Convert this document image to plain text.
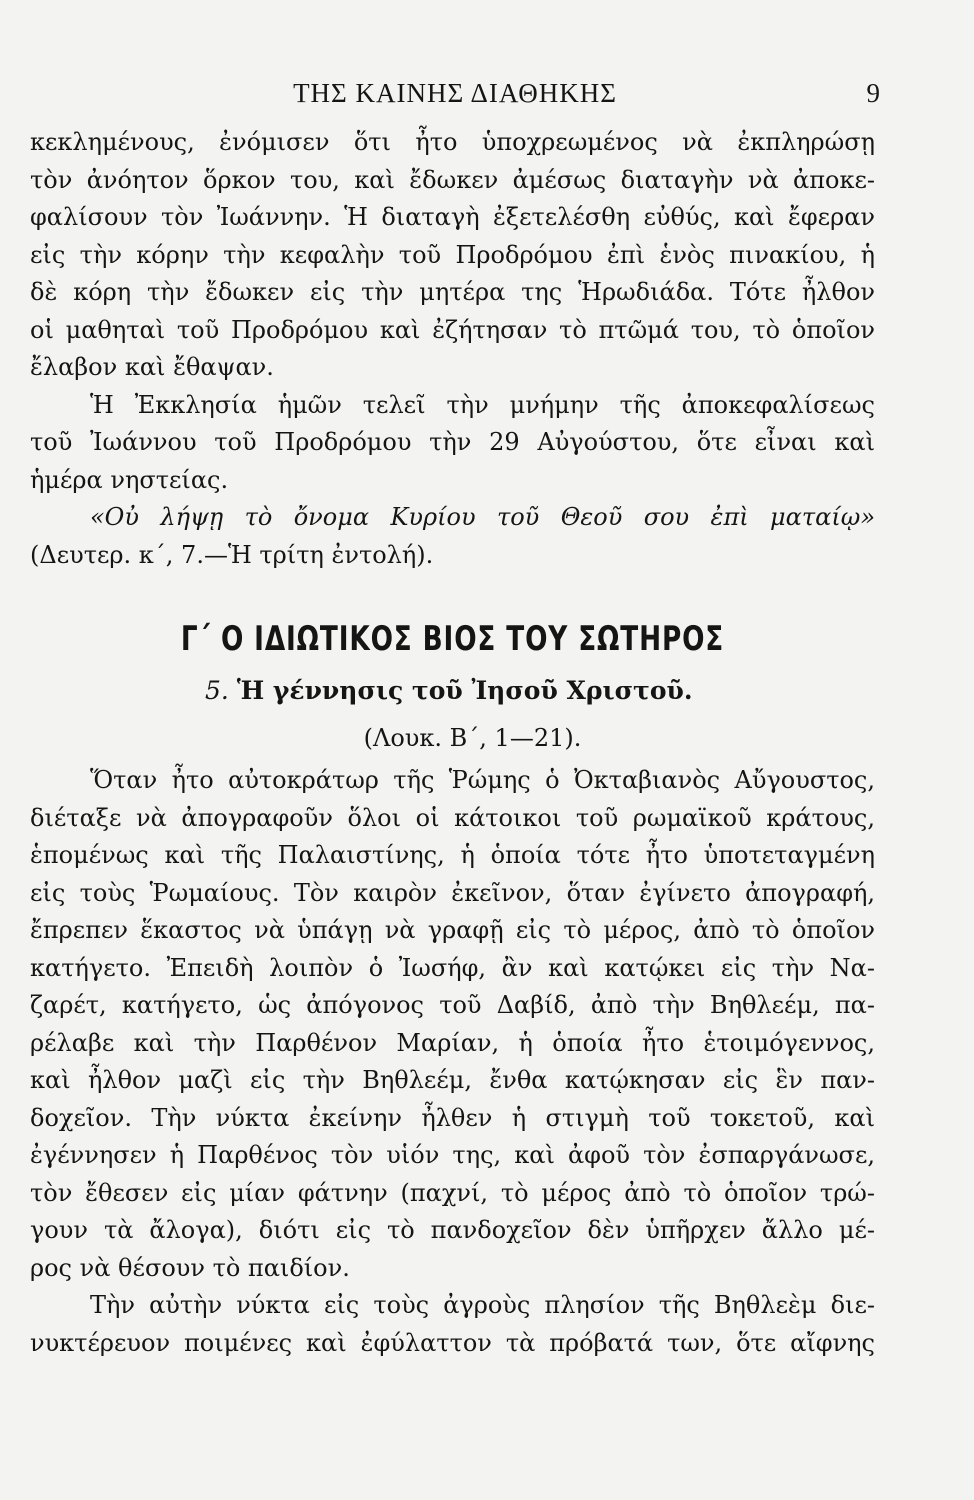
ΤΗΣ ΚΑΙΝΗΣ ΔΙΑΘΗΚΗΣ	9
κεκλημένους, ἐνόμισεν ὅτι ἦτο ὑποχρεωμένος νὰ ἐκπληρώσῃ
τὸν ἀνόητον ὅρκον του, καὶ ἔδωκεν ἀμέσως διαταγὴν νὰ ἀποκε-
φαλίσουν τὸν Ἰωάννην. Ἡ διαταγὴ ἐξετελέσθη εὐθύς, καὶ ἔφεραν
εἰς τὴν κόρην τὴν κεφαλὴν τοῦ Προδρόμου ἐπὶ ἑνὸς πινακίου, ἡ
δὲ κόρη τὴν ἔδωκεν εἰς τὴν μητέρα της Ἡρωδιάδα. Τότε ἦλθον
οἱ μαθηταὶ τοῦ Προδρόμου καὶ ἐζήτησαν τὸ πτῶμά του, τὸ ὁποῖον
ἔλαβον καὶ ἔθαψαν.
Ἡ Ἐκκλησία ἡμῶν τελεῖ τὴν μνήμην τῆς ἀποκεφαλίσεως
τοῦ Ἰωάννου τοῦ Προδρόμου τὴν 29 Αὐγούστου, ὅτε εἶναι καὶ
ἡμέρα νηστείας.
«Οὐ λήψῃ τὸ ὄνομα Κυρίου τοῦ Θεοῦ σου ἐπὶ ματαίῳ»
(Δευτερ. κ΄, 7.—Ἡ τρίτη ἐντολή).
Γ΄ Ο ΙΔΙΩΤΙΚΟΣ ΒΙΟΣ ΤΟΥ ΣΩΤΗΡΟΣ
5. Ἡ γέννησις τοῦ Ἰησοῦ Χριστοῦ.
(Λουκ. Β΄, 1—21).
Ὅταν ἦτο αὐτοκράτωρ τῆς Ῥώμης ὁ Ὀκταβιανὸς Αὔγουστος,
διέταξε νὰ ἀπογραφοῦν ὅλοι οἱ κάτοικοι τοῦ ρωμαϊκοῦ κράτους,
ἑπομένως καὶ τῆς Παλαιστίνης, ἡ ὁποία τότε ἦτο ὑποτεταγμένη
εἰς τοὺς Ῥωμαίους. Τὸν καιρὸν ἐκεῖνον, ὅταν ἐγίνετο ἀπογραφή,
ἔπρεπεν ἕκαστος νὰ ὑπάγῃ νὰ γραφῇ εἰς τὸ μέρος, ἀπὸ τὸ ὁποῖον
κατήγετο. Ἐπειδὴ λοιπὸν ὁ Ἰωσήφ, ἂν καὶ κατῴκει εἰς τὴν Να-
ζαρέτ, κατήγετο, ὡς ἀπόγονος τοῦ Δαβίδ, ἀπὸ τὴν Βηθλεέμ, πα-
ρέλαβε καὶ τὴν Παρθένον Μαρίαν, ἡ ὁποία ἦτο ἑτοιμόγεννος,
καὶ ἦλθον μαζὶ εἰς τὴν Βηθλεέμ, ἔνθα κατῴκησαν εἰς ἓν παν-
δοχεῖον. Τὴν νύκτα ἐκείνην ἦλθεν ἡ στιγμὴ τοῦ τοκετοῦ, καὶ
ἐγέννησεν ἡ Παρθένος τὸν υἱόν της, καὶ ἀφοῦ τὸν ἐσπαργάνωσε,
τὸν ἔθεσεν εἰς μίαν φάτνην (παχνί, τὸ μέρος ἀπὸ τὸ ὁποῖον τρώ-
γουν τὰ ἄλογα), διότι εἰς τὸ πανδοχεῖον δὲν ὑπῆρχεν ἄλλο μέ-
ρος νὰ θέσουν τὸ παιδίον.
Τὴν αὐτὴν νύκτα εἰς τοὺς ἀγροὺς πλησίον τῆς Βηθλεὲμ διε-
νυκτέρευον ποιμένες καὶ ἐφύλαττον τὰ πρόβατά των, ὅτε αἴφνης
